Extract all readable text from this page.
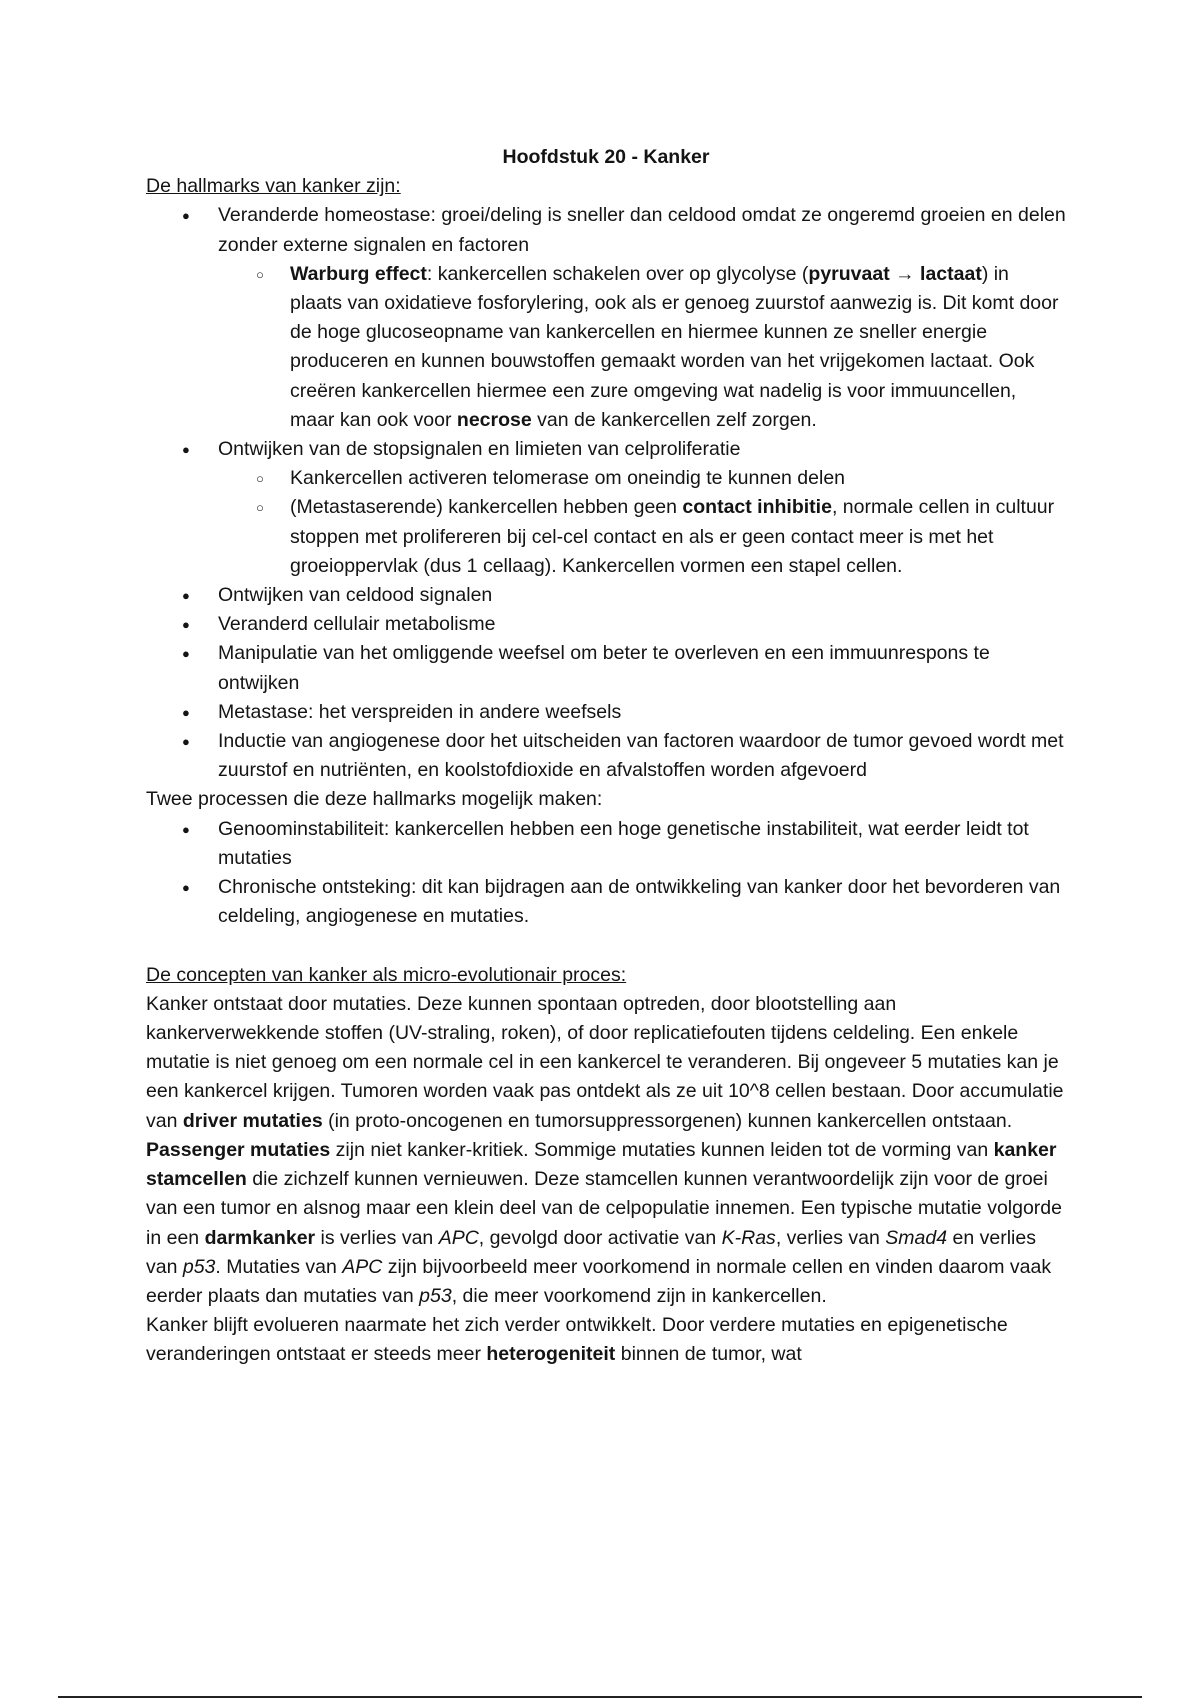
Hoofdstuk 20 - Kanker

De hallmarks van kanker zijn:

● Veranderde homeostase: groei/deling is sneller dan celdood omdat ze ongeremd groeien en delen zonder externe signalen en factoren
○ Warburg effect: kankercellen schakelen over op glycolyse (pyruvaat → lactaat) in plaats van oxidatieve fosforylering, ook als er genoeg zuurstof aanwezig is. Dit komt door de hoge glucoseopname van kankercellen en hiermee kunnen ze sneller energie produceren en kunnen bouwstoffen gemaakt worden van het vrijgekomen lactaat. Ook creëren kankercellen hiermee een zure omgeving wat nadelig is voor immuuncellen, maar kan ook voor necrose van de kankercellen zelf zorgen.
● Ontwijken van de stopsignalen en limieten van celproliferatie
○ Kankercellen activeren telomerase om oneindig te kunnen delen
○ (Metastaserende) kankercellen hebben geen contact inhibitie, normale cellen in cultuur stoppen met prolifereren bij cel-cel contact en als er geen contact meer is met het groeioppervlak (dus 1 cellaag). Kankercellen vormen een stapel cellen.
● Ontwijken van celdood signalen
● Veranderd cellulair metabolisme
● Manipulatie van het omliggende weefsel om beter te overleven en een immuunrespons te ontwijken
● Metastase: het verspreiden in andere weefsels
● Inductie van angiogenese door het uitscheiden van factoren waardoor de tumor gevoed wordt met zuurstof en nutriënten, en koolstofdioxide en afvalstoffen worden afgevoerd

Twee processen die deze hallmarks mogelijk maken:

● Genoominstabiliteit: kankercellen hebben een hoge genetische instabiliteit, wat eerder leidt tot mutaties
● Chronische ontsteking: dit kan bijdragen aan de ontwikkeling van kanker door het bevorderen van celdeling, angiogenese en mutaties.

De concepten van kanker als micro-evolutionair proces:

Kanker ontstaat door mutaties. Deze kunnen spontaan optreden, door blootstelling aan kankerverwekkende stoffen (UV-straling, roken), of door replicatiefouten tijdens celdeling. Een enkele mutatie is niet genoeg om een normale cel in een kankercel te veranderen. Bij ongeveer 5 mutaties kan je een kankercel krijgen. Tumoren worden vaak pas ontdekt als ze uit 10^8 cellen bestaan. Door accumulatie van driver mutaties (in proto-oncogenen en tumorsuppressorgenen) kunnen kankercellen ontstaan. Passenger mutaties zijn niet kanker-kritiek. Sommige mutaties kunnen leiden tot de vorming van kanker stamcellen die zichzelf kunnen vernieuwen. Deze stamcellen kunnen verantwoordelijk zijn voor de groei van een tumor en alsnog maar een klein deel van de celpopulatie innemen. Een typische mutatie volgorde in een darmkanker is verlies van APC, gevolgd door activatie van K-Ras, verlies van Smad4 en verlies van p53. Mutaties van APC zijn bijvoorbeeld meer voorkomend in normale cellen en vinden daarom vaak eerder plaats dan mutaties van p53, die meer voorkomend zijn in kankercellen.

Kanker blijft evolueren naarmate het zich verder ontwikkelt. Door verdere mutaties en epigenetische veranderingen ontstaat er steeds meer heterogeniteit binnen de tumor, wat
